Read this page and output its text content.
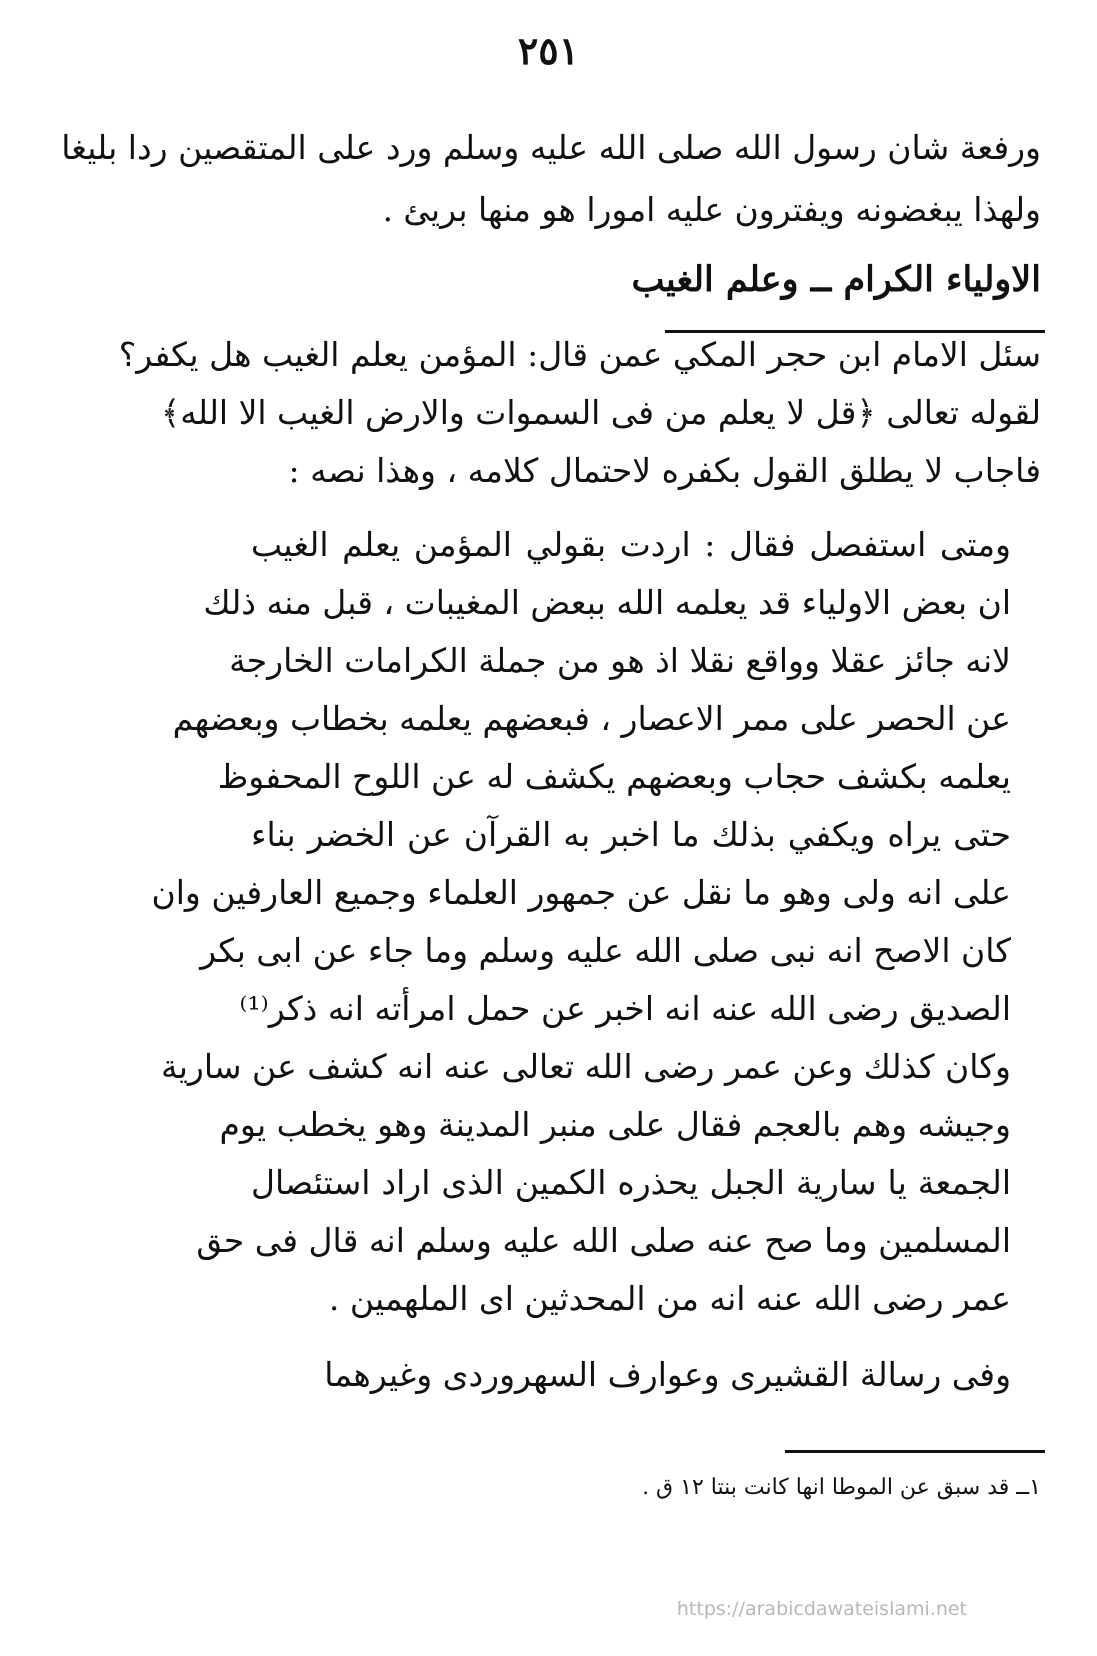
٢٥١
ورفعة شان رسول الله صلى الله عليه وسلم ورد على المتقصين ردا بليغا
ولهذا يبغضونه ويفترون عليه امورا هو منها بريئ .
الاولياء الكرام ــ وعلم الغيب
سئل الامام ابن حجر المكي عمن قال: المؤمن يعلم الغيب هل يكفر؟
لقوله تعالى ﴿قل لا يعلم من فى السموات والارض الغيب الا الله﴾
فاجاب لا يطلق القول بكفره لاحتمال كلامه ، وهذا نصه :
ومتى استفصل فقال : اردت بقولي المؤمن يعلم الغيب
ان بعض الاولياء قد يعلمه الله ببعض المغيبات ، قبل منه ذلك
لانه جائز عقلا وواقع نقلا اذ هو من جملة الكرامات الخارجة
عن الحصر على ممر الاعصار ، فبعضهم يعلمه بخطاب وبعضهم
يعلمه بكشف حجاب وبعضهم يكشف له عن اللوح المحفوظ
حتى يراه ويكفي بذلك ما اخبر به القرآن عن الخضر بناء
على انه ولى وهو ما نقل عن جمهور العلماء وجميع العارفين وان
كان الاصح انه نبى صلى الله عليه وسلم وما جاء عن ابى بكر
الصديق رضى الله عنه انه اخبر عن حمل امرأته انه ذكر⁽¹⁾
وكان كذلك وعن عمر رضى الله تعالى عنه انه كشف عن سارية
وجيشه وهم بالعجم فقال على منبر المدينة وهو يخطب يوم
الجمعة يا سارية الجبل يحذره الكمين الذى اراد استئصال
المسلمين وما صح عنه صلى الله عليه وسلم انه قال فى حق
عمر رضى الله عنه انه من المحدثين اى الملهمين .
وفى رسالة القشيرى وعوارف السهروردى وغيرهما
١ــ قد سبق عن الموطا انها كانت بنتا ١٢ ق .
https://arabicdawateislami.net
